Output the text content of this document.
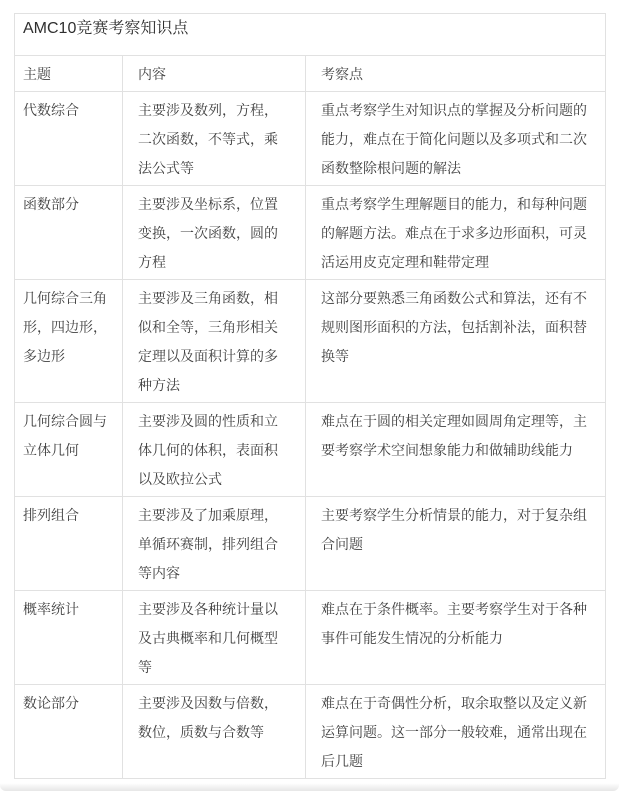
AMC10竞赛考察知识点		
主题	内容	考察点
代数综合	主要涉及数列，方程，二次函数，不等式，乘法公式等	重点考察学生对知识点的掌握及分析问题的能力，难点在于简化问题以及多项式和二次函数整除根问题的解法
函数部分	主要涉及坐标系，位置变换，一次函数，圆的方程	重点考察学生理解题目的能力，和每种问题的解题方法。难点在于求多边形面积，可灵活运用皮克定理和鞋带定理
几何综合三角形，四边形，多边形	主要涉及三角函数，相似和全等，三角形相关定理以及面积计算的多种方法	这部分要熟悉三角函数公式和算法，还有不规则图形面积的方法，包括割补法，面积替换等
几何综合圆与立体几何	主要涉及圆的性质和立体几何的体积，表面积以及欧拉公式	难点在于圆的相关定理如圆周角定理等，主要考察学术空间想象能力和做辅助线能力
排列组合	主要涉及了加乘原理，单循环赛制，排列组合等内容	主要考察学生分析情景的能力，对于复杂组合问题
概率统计	主要涉及各种统计量以及古典概率和几何概型等	难点在于条件概率。主要考察学生对于各种事件可能发生情况的分析能力
数论部分	主要涉及因数与倍数，数位，质数与合数等	难点在于奇偶性分析，取余取整以及定义新运算问题。这一部分一般较难，通常出现在后几题
